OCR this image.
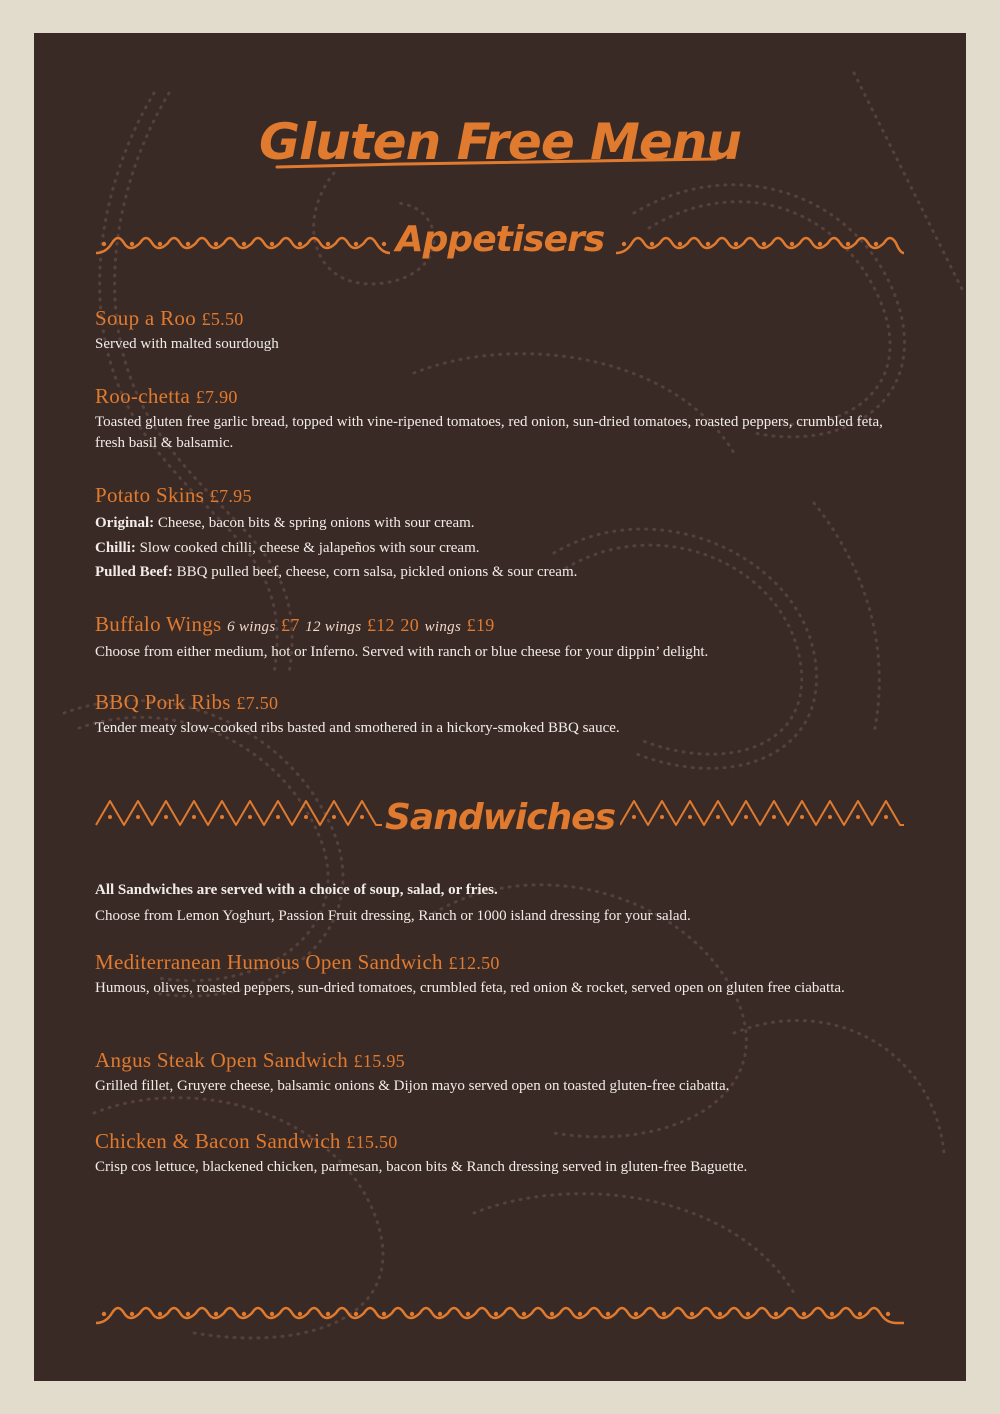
Gluten Free Menu
Appetisers
Soup a Roo £5.50
Served with malted sourdough
Roo-chetta £7.90
Toasted gluten free garlic bread, topped with vine-ripened tomatoes, red onion, sun-dried tomatoes, roasted peppers, crumbled feta, fresh basil & balsamic.
Potato Skins £7.95
Original: Cheese, bacon bits & spring onions with sour cream.
Chilli: Slow cooked chilli, cheese & jalapeños with sour cream.
Pulled Beef: BBQ pulled beef, cheese, corn salsa, pickled onions & sour cream.
Buffalo Wings 6 wings £7 12 wings £12 20 wings £19
Choose from either medium, hot or Inferno. Served with ranch or blue cheese for your dippin’ delight.
BBQ Pork Ribs £7.50
Tender meaty slow-cooked ribs basted and smothered in a hickory-smoked BBQ sauce.
Sandwiches
All Sandwiches are served with a choice of soup, salad, or fries.
Choose from Lemon Yoghurt, Passion Fruit dressing, Ranch or 1000 island dressing for your salad.
Mediterranean Humous Open Sandwich £12.50
Humous, olives, roasted peppers, sun-dried tomatoes, crumbled feta, red onion & rocket, served open on gluten free ciabatta.
Angus Steak Open Sandwich £15.95
Grilled fillet, Gruyere cheese, balsamic onions & Dijon mayo served open on toasted gluten-free ciabatta.
Chicken & Bacon Sandwich £15.50
Crisp cos lettuce, blackened chicken, parmesan, bacon bits & Ranch dressing served in gluten-free Baguette.
